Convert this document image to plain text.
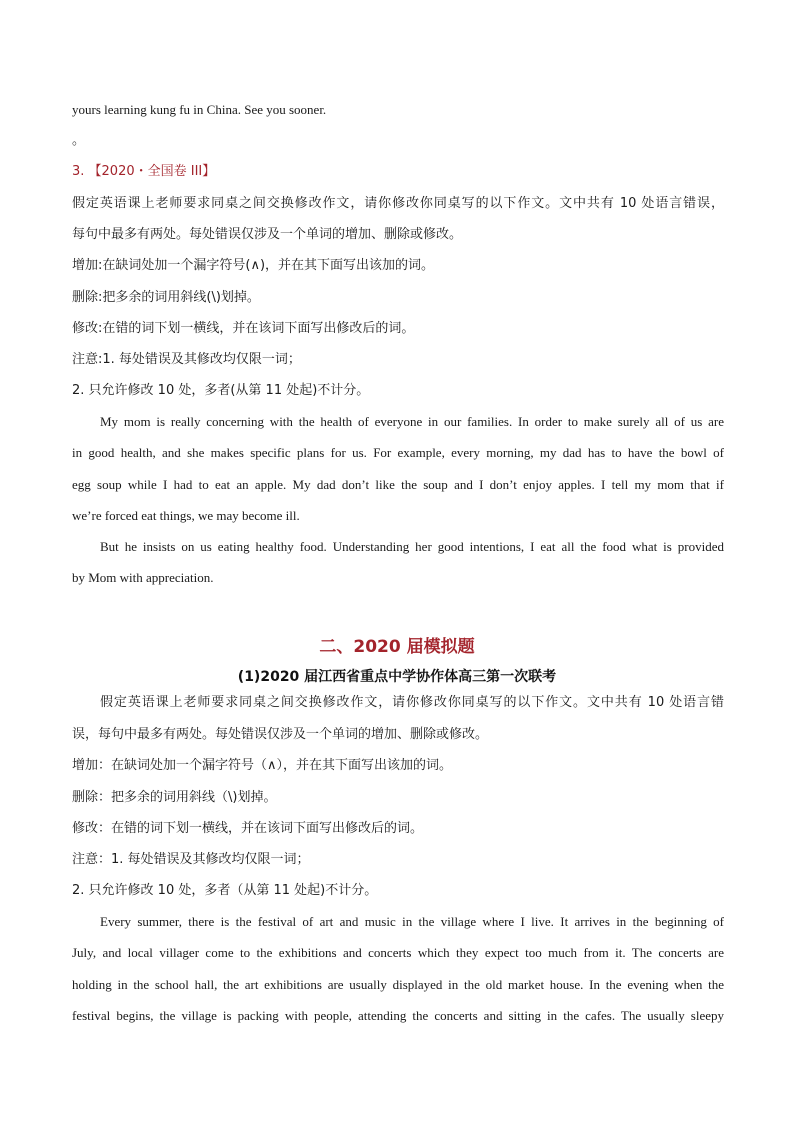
yours learning kung fu in China. See you sooner.

。

3. 【2020・全国卷 III】

假定英语课上老师要求同桌之间交换修改作文，请你修改你同桌写的以下作文。文中共有 10 处语言错误，

每句中最多有两处。每处错误仅涉及一个单词的增加、删除或修改。

增加:在缺词处加一个漏字符号(∧)，并在其下面写出该加的词。

删除:把多余的词用斜线(\)划掉。

修改:在错的词下划一横线，并在该词下面写出修改后的词。

注意:1. 每处错误及其修改均仅限一词；

2. 只允许修改 10 处，多者(从第 11 处起)不计分。

My mom is really concerning with the health of everyone in our families. In order to make surely all of us are

in good health, and she makes specific plans for us. For example, every morning, my dad has to have the bowl of

egg soup while I had to eat an apple. My dad don’t like the soup and I don’t enjoy apples. I tell my mom that if

we’re forced eat things, we may become ill.

But he insists on us eating healthy food. Understanding her good intentions, I eat all the food what is provided

by Mom with appreciation.

二、2020 届模拟题
(1)2020 届江西省重点中学协作体高三第一次联考

假定英语课上老师要求同桌之间交换修改作文，请你修改你同桌写的以下作文。文中共有 10 处语言错

误，每句中最多有两处。每处错误仅涉及一个单词的增加、删除或修改。

增加：在缺词处加一个漏字符号（∧），并在其下面写出该加的词。

删除：把多余的词用斜线（\)划掉。

修改：在错的词下划一横线，并在该词下面写出修改后的词。

注意：1. 每处错误及其修改均仅限一词；

2. 只允许修改 10 处，多者（从第 11 处起)不计分。

Every summer, there is the festival of art and music in the village where I live. It arrives in the beginning of

July, and local villager come to the exhibitions and concerts which they expect too much from it. The concerts are

holding in the school hall, the art exhibitions are usually displayed in the old market house. In the evening when the

festival begins, the village is packing with people, attending the concerts and sitting in the cafes. The usually sleepy
